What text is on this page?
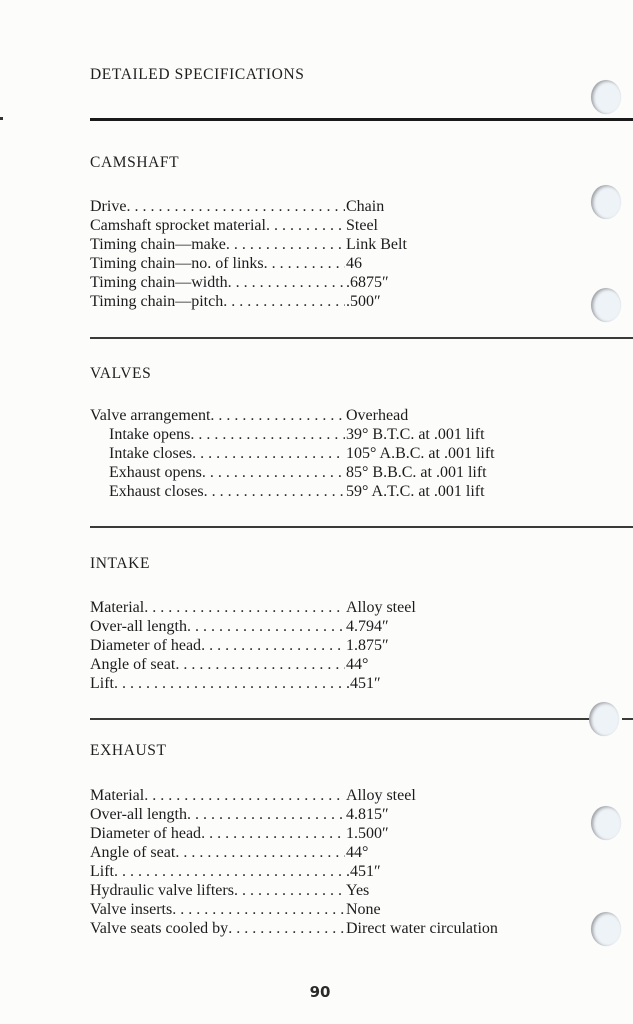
DETAILED SPECIFICATIONS
CAMSHAFT
Drive . . .	Chain
Camshaft sprocket material . . .	Steel
Timing chain—make . . .	Link Belt
Timing chain—no. of links . . .	46
Timing chain—width . . .	.6875″
Timing chain—pitch . . .	.500″
VALVES
Valve arrangement . . .	Overhead
Intake opens . . .	39° B.T.C. at .001 lift
Intake closes . . .	105° A.B.C. at .001 lift
Exhaust opens . . .	85° B.B.C. at .001 lift
Exhaust closes . . .	59° A.T.C. at .001 lift
INTAKE
Material . . .	Alloy steel
Over-all length . . .	4.794″
Diameter of head . . .	1.875″
Angle of seat . . .	44°
Lift . . .	.451″
EXHAUST
Material . . .	Alloy steel
Over-all length . . .	4.815″
Diameter of head . . .	1.500″
Angle of seat . . .	44°
Lift . . .	.451″
Hydraulic valve lifters . . .	Yes
Valve inserts . . .	None
Valve seats cooled by . . .	Direct water circulation
90
